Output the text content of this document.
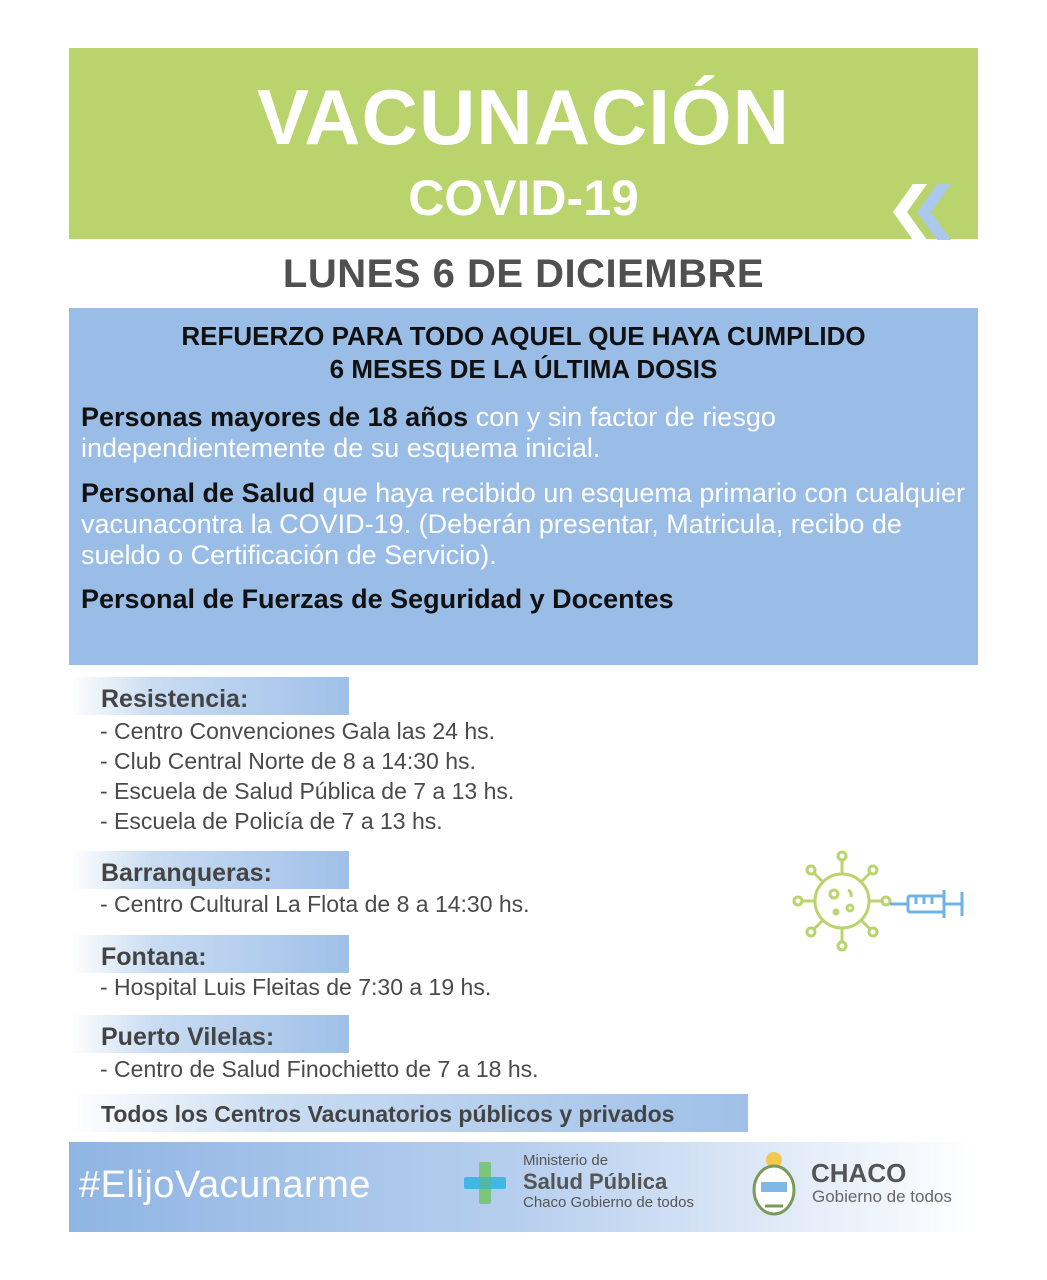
VACUNACIÓN
COVID-19	5-5
LUNES 6 DE DICIEMBRE
REFUERZO PARA TODO AQUEL QUE HAYA CUMPLIDO
6 MESES DE LA ÚLTIMA DOSIS
Personas mayores de 18 años con y sin factor de riesgo independientemente de su esquema inicial.
Personal de Salud que haya recibido un esquema primario con cualquier vacunacontra la COVID-19. (Deberán presentar, Matricula, recibo de sueldo o Certificación de Servicio).
Personal de Fuerzas de Seguridad y Docentes
Resistencia:
- Centro Convenciones Gala las 24 hs.
- Club Central Norte de 8 a 14:30 hs.
- Escuela de Salud Pública de 7 a 13 hs.
- Escuela de Policía de 7 a 13 hs.
Barranqueras:
- Centro Cultural La Flota de 8 a 14:30 hs.
Fontana:
- Hospital Luis Fleitas de 7:30 a 19 hs.
Puerto Vilelas:
- Centro de Salud Finochietto de 7 a 18 hs.
Todos los Centros Vacunatorios públicos y privados
#ElijoVacunarme
Ministerio de
Salud Pública
Chaco Gobierno de todos
CHACO
Gobierno de todos
